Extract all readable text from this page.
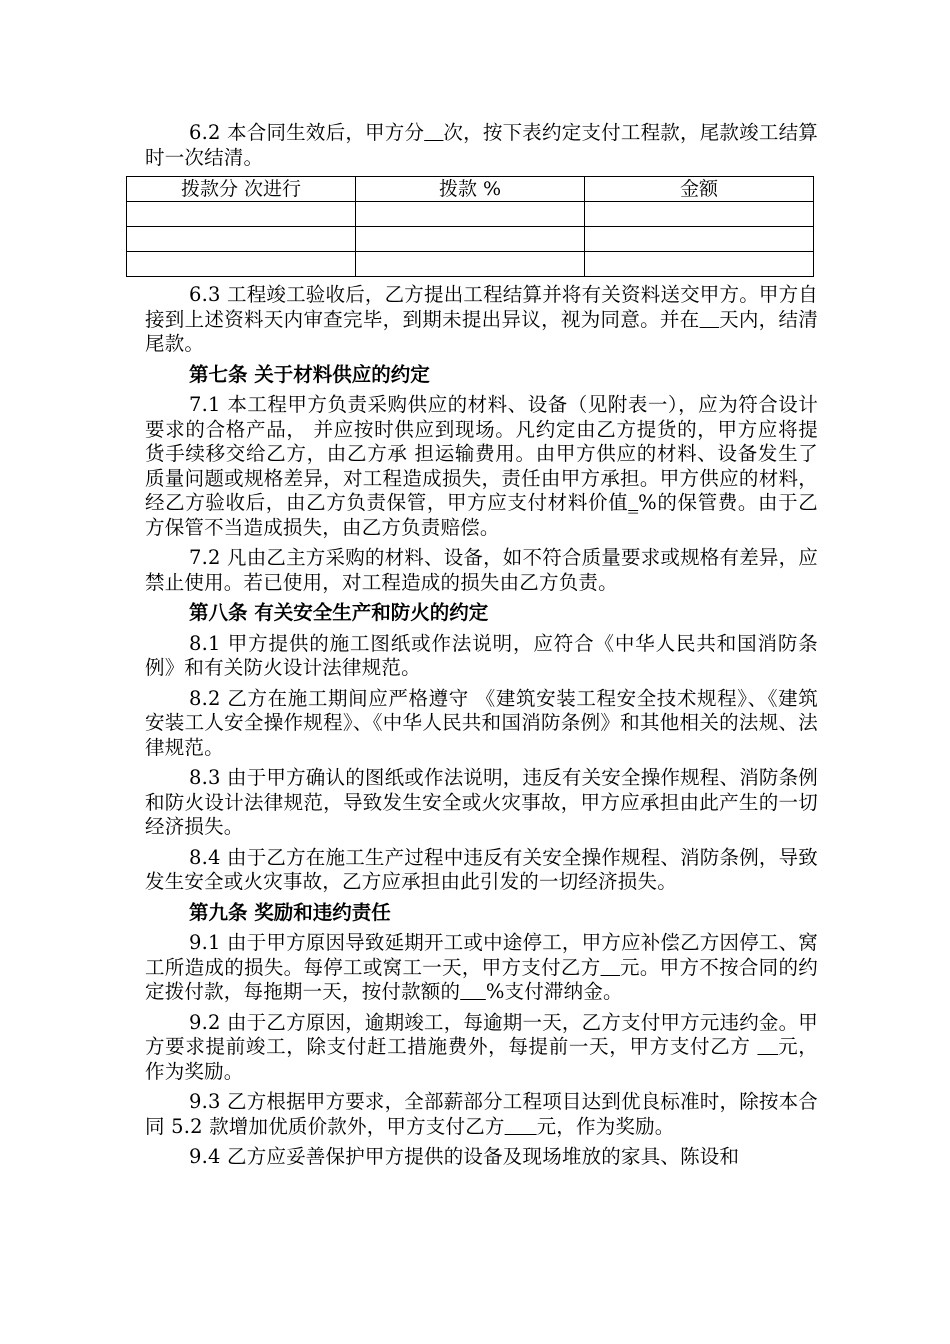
6.2 本合同生效后，甲方分 次，按下表约定支付工程款，尾款竣工结算时一次结清。
拨款分 次进行	拨款 %	金额

6.3 工程竣工验收后，乙方提出工程结算并将有关资料送交甲方。甲方自接到上述资料天内审查完毕，到期未提出异议，视为同意。并在 天内，结清尾款。
第七条 关于材料供应的约定
7.1 本工程甲方负责采购供应的材料、设备（见附表一），应为符合设计要求的合格产品， 并应按时供应到现场。凡约定由乙方提货的，甲方应将提货手续移交给乙方，由乙方承 担运输费用。由甲方供应的材料、设备发生了质量问题或规格差异，对工程造成损失，责任由甲方承担。甲方供应的材料，经乙方验收后，由乙方负责保管，甲方应支付材料价值_%的保管费。由于乙方保管不当造成损失，由乙方负责赔偿。
7.2 凡由乙主方采购的材料、设备，如不符合质量要求或规格有差异，应禁止使用。若已使用，对工程造成的损失由乙方负责。
第八条 有关安全生产和防火的约定
8.1 甲方提供的施工图纸或作法说明，应符合《中华人民共和国消防条例》和有关防火设计法律规范。
8.2 乙方在施工期间应严格遵守 《建筑安装工程安全技术规程》、《建筑安装工人安全操作规程》、《中华人民共和国消防条例》和其他相关的法规、法律规范。
8.3 由于甲方确认的图纸或作法说明，违反有关安全操作规程、消防条例和防火设计法律规范，导致发生安全或火灾事故，甲方应承担由此产生的一切经济损失。
8.4 由于乙方在施工生产过程中违反有关安全操作规程、消防条例，导致发生安全或火灾事故，乙方应承担由此引发的一切经济损失。
第九条 奖励和违约责任
9.1 由于甲方原因导致延期开工或中途停工，甲方应补偿乙方因停工、窝工所造成的损失。每停工或窝工一天，甲方支付乙方 元。甲方不按合同的约定拨付款，每拖期一天，按付款额的 %支付滞纳金。
9.2 由于乙方原因，逾期竣工，每逾期一天，乙方支付甲方元违约金。甲方要求提前竣工，除支付赶工措施费外，每提前一天，甲方支付乙方    元，作为奖励。
9.3 乙方根据甲方要求，全部薪部分工程项目达到优良标准时，除按本合同 5.2 款增加优质价款外，甲方支付乙方 元，作为奖励。
9.4 乙方应妥善保护甲方提供的设备及现场堆放的家具、陈设和
